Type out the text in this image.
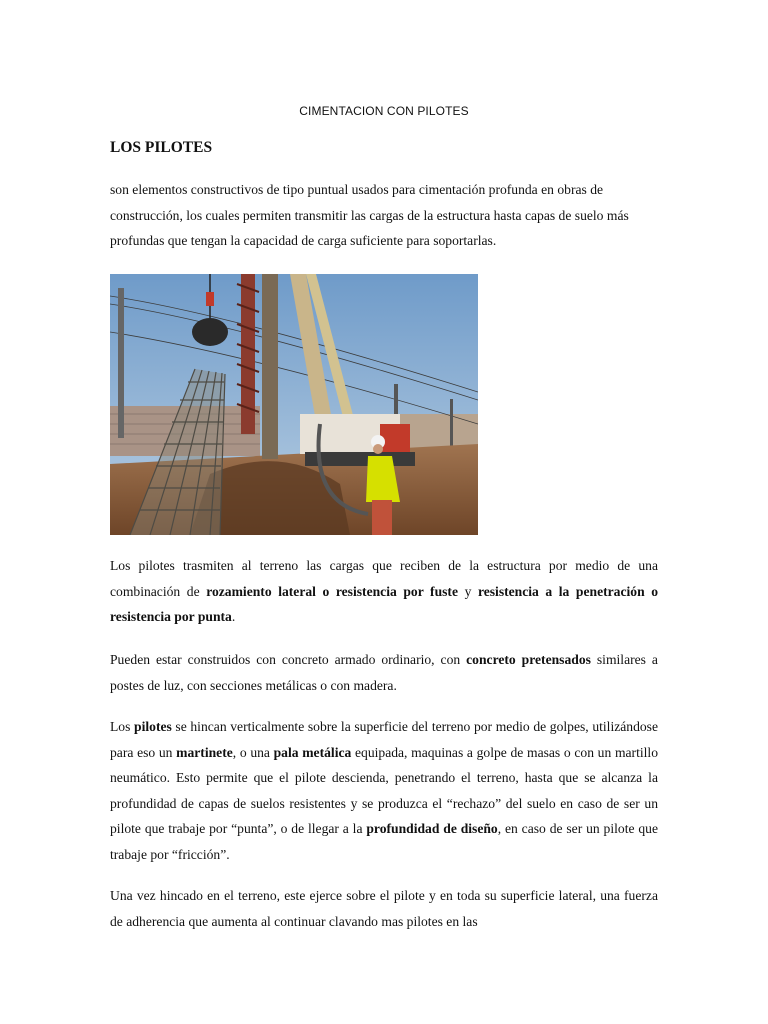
CIMENTACION CON PILOTES
LOS PILOTES

son elementos constructivos de tipo puntual usados para cimentación profunda en obras de construcción, los cuales permiten transmitir las cargas de la estructura hasta capas de suelo más profundas que tengan la capacidad de carga suficiente para soportarlas.

Los pilotes trasmiten al terreno las cargas que reciben de la estructura por medio de una combinación de rozamiento lateral o resistencia por fuste y resistencia a la penetración o resistencia por punta.

Pueden estar construidos con concreto armado ordinario, con concreto pretensados similares a postes de luz, con secciones metálicas o con madera.

Los pilotes se hincan verticalmente sobre la superficie del terreno por medio de golpes, utilizándose para eso un martinete, o una pala metálica equipada, maquinas a golpe de masas o con un martillo neumático. Esto permite que el pilote descienda, penetrando el terreno, hasta que se alcanza la profundidad de capas de suelos resistentes y se produzca el “rechazo” del suelo en caso de ser un pilote que trabaje por “punta”, o de llegar a la profundidad de diseño, en caso de ser un pilote que trabaje por “fricción”.

Una vez hincado en el terreno, este ejerce sobre el pilote y en toda su superficie lateral, una fuerza de adherencia que aumenta al continuar clavando mas pilotes en las
